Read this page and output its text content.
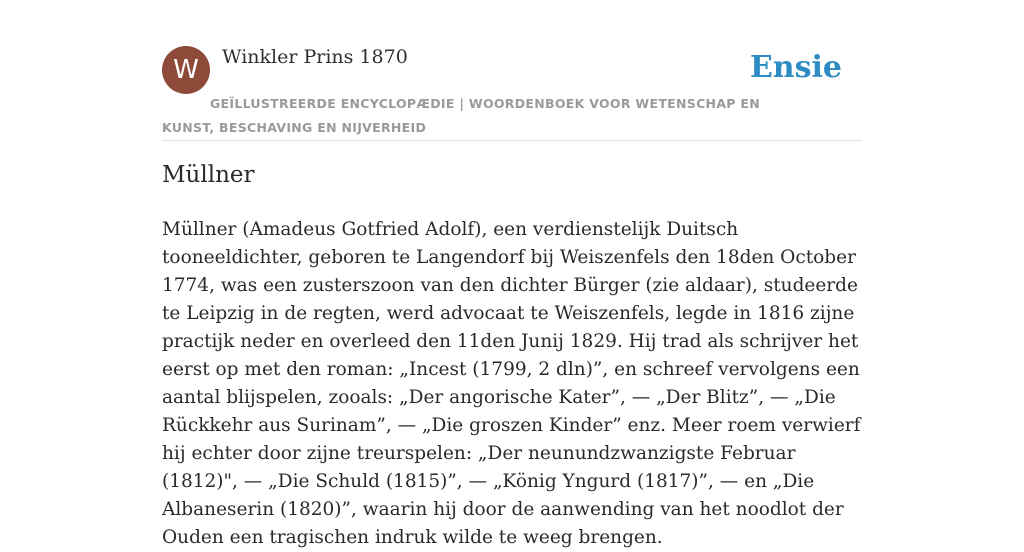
W Winkler Prins 1870	Ensie
GEÏLLUSTREERDE ENCYCLOPÆDIE | WOORDENBOEK VOOR WETENSCHAP EN KUNST, BESCHAVING EN NIJVERHEID
Müllner

Müllner (Amadeus Gotfried Adolf), een verdienstelijk Duitsch tooneeldichter, geboren te Langendorf bij Weiszenfels den 18den October 1774, was een zusterszoon van den dichter Bürger (zie aldaar), studeerde te Leipzig in de regten, werd advocaat te Weiszenfels, legde in 1816 zijne practijk neder en overleed den 11den Junij 1829. Hij trad als schrijver het eerst op met den roman: „Incest (1799, 2 dln)”, en schreef vervolgens een aantal blijspelen, zooals: „Der angorische Kater”, — „Der Blitz”, — „Die Rückkehr aus Surinam”, — „Die groszen Kinder” enz. Meer roem verwierf hij echter door zijne treurspelen: „Der neunundzwanzigste Februar (1812)", — „Die Schuld (1815)”, — „König Yngurd (1817)”, — en „Die Albaneserin (1820)”, waarin hij door de aanwending van het noodlot der Ouden een tragischen indruk wilde te weeg brengen.
